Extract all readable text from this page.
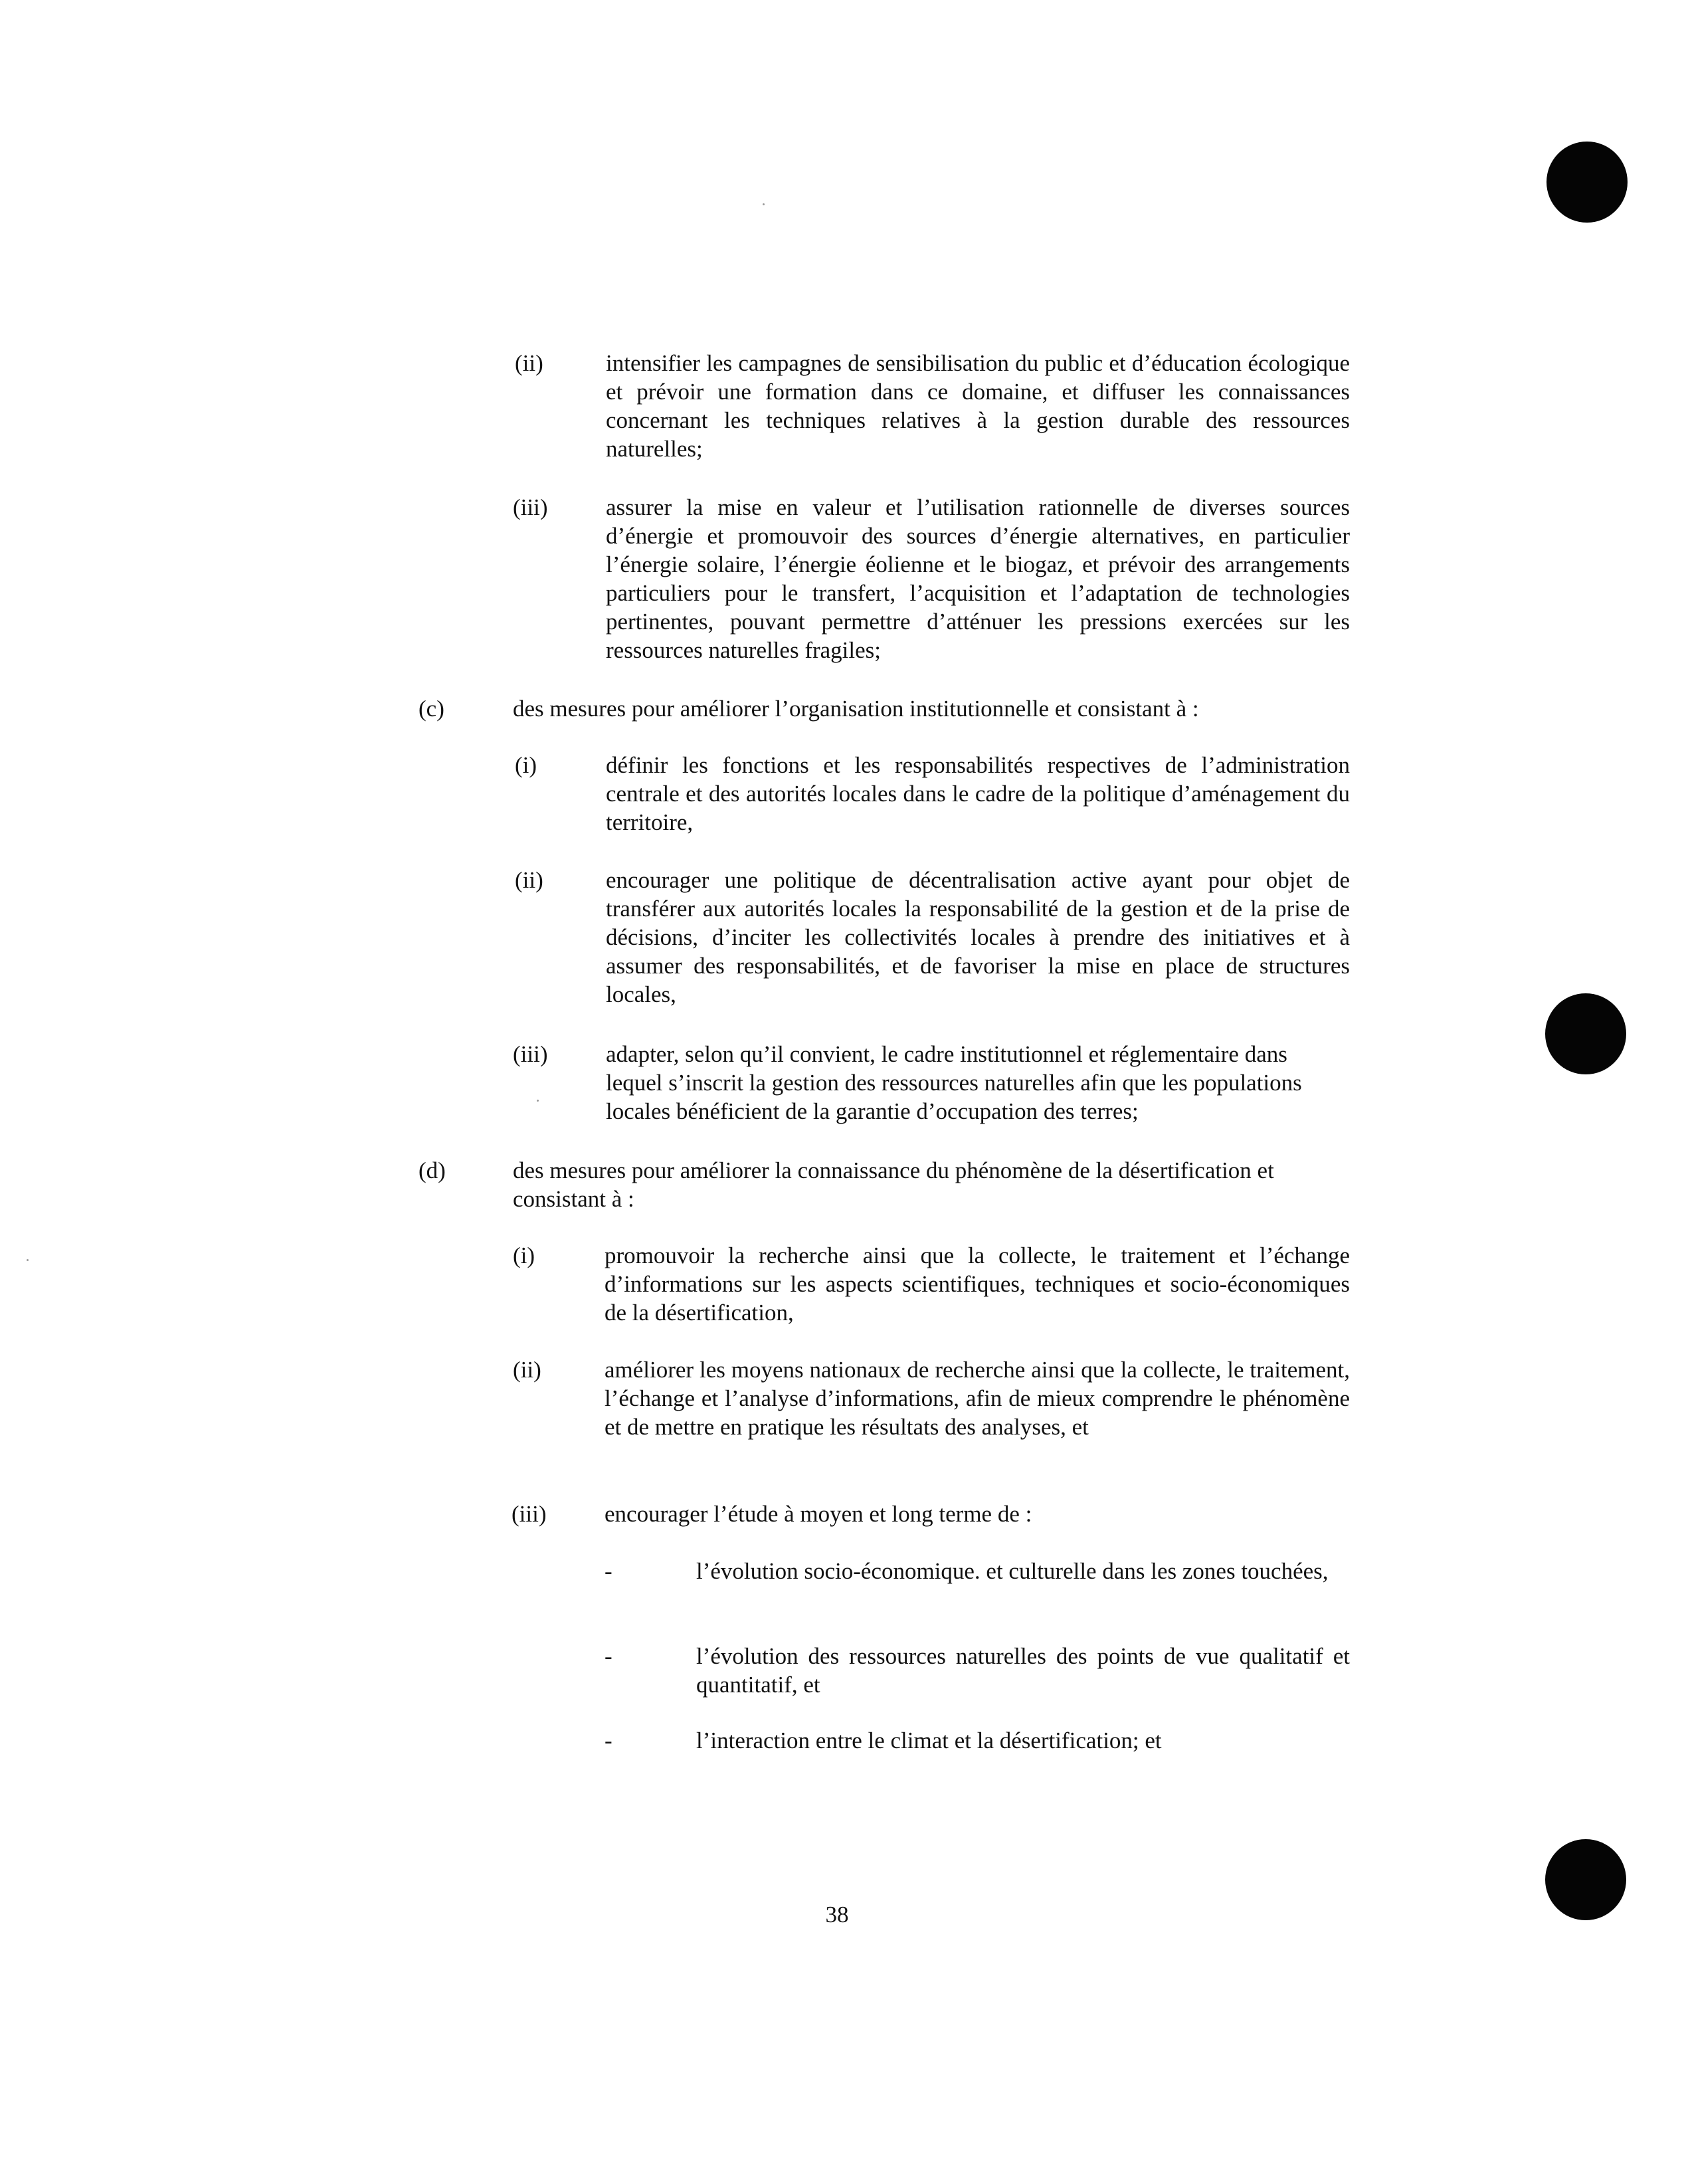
(ii)	intensifier les campagnes de sensibilisation du public et d’éducation écologique et prévoir une formation dans ce domaine, et diffuser les connaissances concernant les techniques relatives à la gestion durable des ressources naturelles;
(iii)	assurer la mise en valeur et l’utilisation rationnelle de diverses sources d’énergie et promouvoir des sources d’énergie alternatives, en particulier l’énergie solaire, l’énergie éolienne et le biogaz, et prévoir des arrangements particuliers pour le transfert, l’acquisition et l’adaptation de technologies pertinentes, pouvant permettre d’atténuer les pressions exercées sur les ressources naturelles fragiles;
(c)	des mesures pour améliorer l’organisation institutionnelle et consistant à :
(i)	définir les fonctions et les responsabilités respectives de l’administration centrale et des autorités locales dans le cadre de la politique d’aménagement du territoire,
(ii)	encourager une politique de décentralisation active ayant pour objet de transférer aux autorités locales la responsabilité de la gestion et de la prise de décisions, d’inciter les collectivités locales à prendre des initiatives et à assumer des responsabilités, et de favoriser la mise en place de structures locales,
(iii)	adapter, selon qu’il convient, le cadre institutionnel et réglementaire dans lequel s’inscrit la gestion des ressources naturelles afin que les populations locales bénéficient de la garantie d’occupation des terres;
(d)	des mesures pour améliorer la connaissance du phénomène de la désertification et consistant à :
(i)	promouvoir la recherche ainsi que la collecte, le traitement et l’échange d’informations sur les aspects scientifiques, techniques et socio-économiques de la désertification,
(ii)	améliorer les moyens nationaux de recherche ainsi que la collecte, le traitement, l’échange et l’analyse d’informations, afin de mieux comprendre le phénomène et de mettre en pratique les résultats des analyses, et
(iii)	encourager l’étude à moyen et long terme de :
-	l’évolution socio-économique. et culturelle dans les zones touchées,
-	l’évolution des ressources naturelles des points de vue qualitatif et quantitatif, et
-	l’interaction entre le climat et la désertification; et
38
